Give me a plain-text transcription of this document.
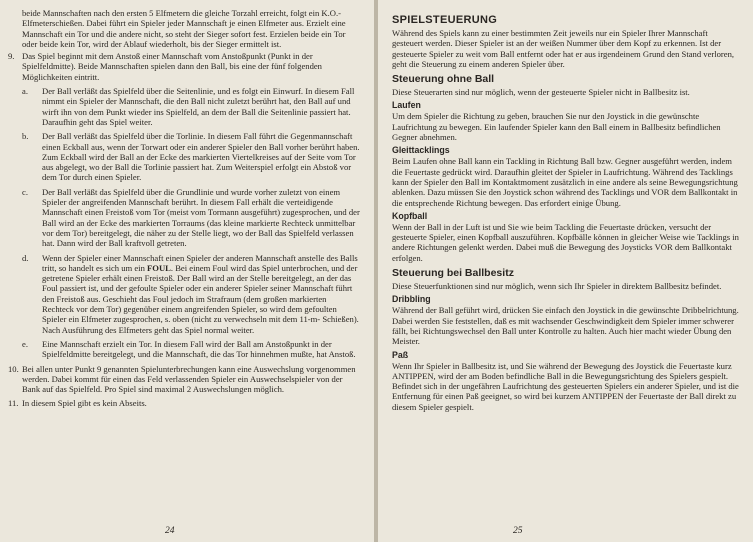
beide Mannschaften nach den ersten 5 Elfmetern die gleiche Torzahl erreicht, folgt ein K.O.-Elfmeterschießen. Dabei führt ein Spieler jeder Mannschaft je einen Elfmeter aus. Erzielt eine Mannschaft ein Tor und die andere nicht, so steht der Sieger sofort fest. Erzielen beide ein Tor oder beide kein Tor, wird der Ablauf wiederholt, bis der Sieger ermittelt ist.

9. Das Spiel beginnt mit dem Anstoß einer Mannschaft vom Anstoßpunkt (Punkt in der Spielfeldmitte). Beide Mannschaften spielen dann den Ball, bis eine der fünf folgenden Möglichkeiten eintritt.
a. Der Ball verläßt das Spielfeld über die Seitenlinie, und es folgt ein Einwurf. In diesem Fall nimmt ein Spieler der Mannschaft, die den Ball nicht zuletzt berührt hat, den Ball auf und wirft ihn von dem Punkt wieder ins Spielfeld, an dem der Ball die Seitenlinie passiert hat. Daraufhin geht das Spiel weiter.
b. Der Ball verläßt das Spielfeld über die Torlinie. In diesem Fall führt die Gegenmannschaft einen Eckball aus, wenn der Torwart oder ein anderer Spieler den Ball vorher berührt haben. Zum Eckball wird der Ball an der Ecke des markierten Viertelkreises auf der Seite vom Tor aus abgelegt, wo der Ball die Torlinie passiert hat. Zum Weiterspiel erfolgt ein Abstoß vor dem Tor durch einen Spieler.
c. Der Ball verläßt das Spielfeld über die Grundlinie und wurde vorher zuletzt von einem Spieler der angreifenden Mannschaft berührt. In diesem Fall erhält die verteidigende Mannschaft einen Freistoß vom Tor (meist vom Tormann ausgeführt) zugesprochen, und der Ball wird an der Ecke des markierten Torraums (das kleine markierte Rechteck unmittelbar vor dem Tor) bereitgelegt, die näher zu der Stelle liegt, wo der Ball das Spielfeld verlassen hat. Dann wird der Ball kraftvoll getreten.
d. Wenn der Spieler einer Mannschaft einen Spieler der anderen Mannschaft anstelle des Balls tritt, so handelt es sich um ein FOUL. Bei einem Foul wird das Spiel unterbrochen, und der getretene Spieler erhält einen Freistoß. Der Ball wird an der Stelle bereitgelegt, an der das Foul passiert ist, und der gefoulte Spieler oder ein anderer Spieler seiner Mannschaft führt den Freistoß aus. Geschieht das Foul jedoch im Strafraum (dem großen markierten Rechteck vor dem Tor) gegenüber einem angreifenden Spieler, so wird dem gefoulten Spieler ein Elfmeter zugesprochen, s. oben (nicht zu verwechseln mit dem 11-m- Schießen). Nach Ausführung des Elfmeters geht das Spiel normal weiter.
e. Eine Mannschaft erzielt ein Tor. In diesem Fall wird der Ball am Anstoßpunkt in der Spielfeldmitte bereitgelegt, und die Mannschaft, die das Tor hinnehmen mußte, hat Anstoß.
10. Bei allen unter Punkt 9 genannten Spielunterbrechungen kann eine Auswechslung vorgenommen werden. Dabei kommt für einen das Feld verlassenden Spieler ein Auswechselspieler von der Bank auf das Spielfeld. Pro Spiel sind maximal 2 Auswechslungen möglich.
11. In diesem Spiel gibt es kein Abseits.
24
SPIELSTEUERUNG

Während des Spiels kann zu einer bestimmten Zeit jeweils nur ein Spieler Ihrer Mannschaft gesteuert werden. Dieser Spieler ist an der weißen Nummer über dem Kopf zu erkennen. Ist der gesteuerte Spieler zu weit vom Ball entfernt oder hat er aus irgendeinem Grund den Stand verloren, geht die Steuerung zu einem anderen Spieler über.

Steuerung ohne Ball

Diese Steuerarten sind nur möglich, wenn der gesteuerte Spieler nicht in Ballbesitz ist.

Laufen

Um dem Spieler die Richtung zu geben, brauchen Sie nur den Joystick in die gewünschte Laufrichtung zu bewegen. Ein laufender Spieler kann den Ball einem in Ballbesitz befindlichen Gegner abnehmen.

Gleittacklings

Beim Laufen ohne Ball kann ein Tackling in Richtung Ball bzw. Gegner ausgeführt werden, indem die Feuertaste gedrückt wird. Daraufhin gleitet der Spieler in Laufrichtung. Während des Tacklings kann der Spieler den Ball im Kontaktmoment zusätzlich in eine andere als seine Bewegungsrichtung ablenken. Dazu müssen Sie den Joystick schon während des Tacklings und VOR dem Ballkontakt in die entsprechende Richtung bewegen. Das erfordert einige Übung.

Kopfball

Wenn der Ball in der Luft ist und Sie wie beim Tackling die Feuertaste drücken, versucht der gesteuerte Spieler, einen Kopfball auszuführen. Kopfbälle können in gleicher Weise wie Tacklings in andere Richtungen gelenkt werden. Dabei muß die Bewegung des Joysticks VOR dem Ballkontakt erfolgen.

Steuerung bei Ballbesitz

Diese Steuerfunktionen sind nur möglich, wenn sich Ihr Spieler in direktem Ballbesitz befindet.

Dribbling

Während der Ball geführt wird, drücken Sie einfach den Joystick in die gewünschte Dribbelrichtung. Dabei werden Sie feststellen, daß es mit wachsender Geschwindigkeit dem Spieler immer schwerer fällt, bei Richtungswechsel den Ball unter Kontrolle zu halten. Auch hier macht wieder Übung den Meister.

Paß

Wenn Ihr Spieler in Ballbesitz ist, und Sie während der Bewegung des Joystick die Feuertaste kurz ANTIPPEN, wird der am Boden befindliche Ball in die Bewegungsrichtung des Spielers gespielt. Befindet sich in der ungefähren Laufrichtung des gesteuerten Spielers ein anderer Spieler, und ist die Entfernung für einen Paß geeignet, so wird bei kurzem ANTIPPEN der Feuertaste der Ball direkt zu diesem Spieler gespielt.

25
